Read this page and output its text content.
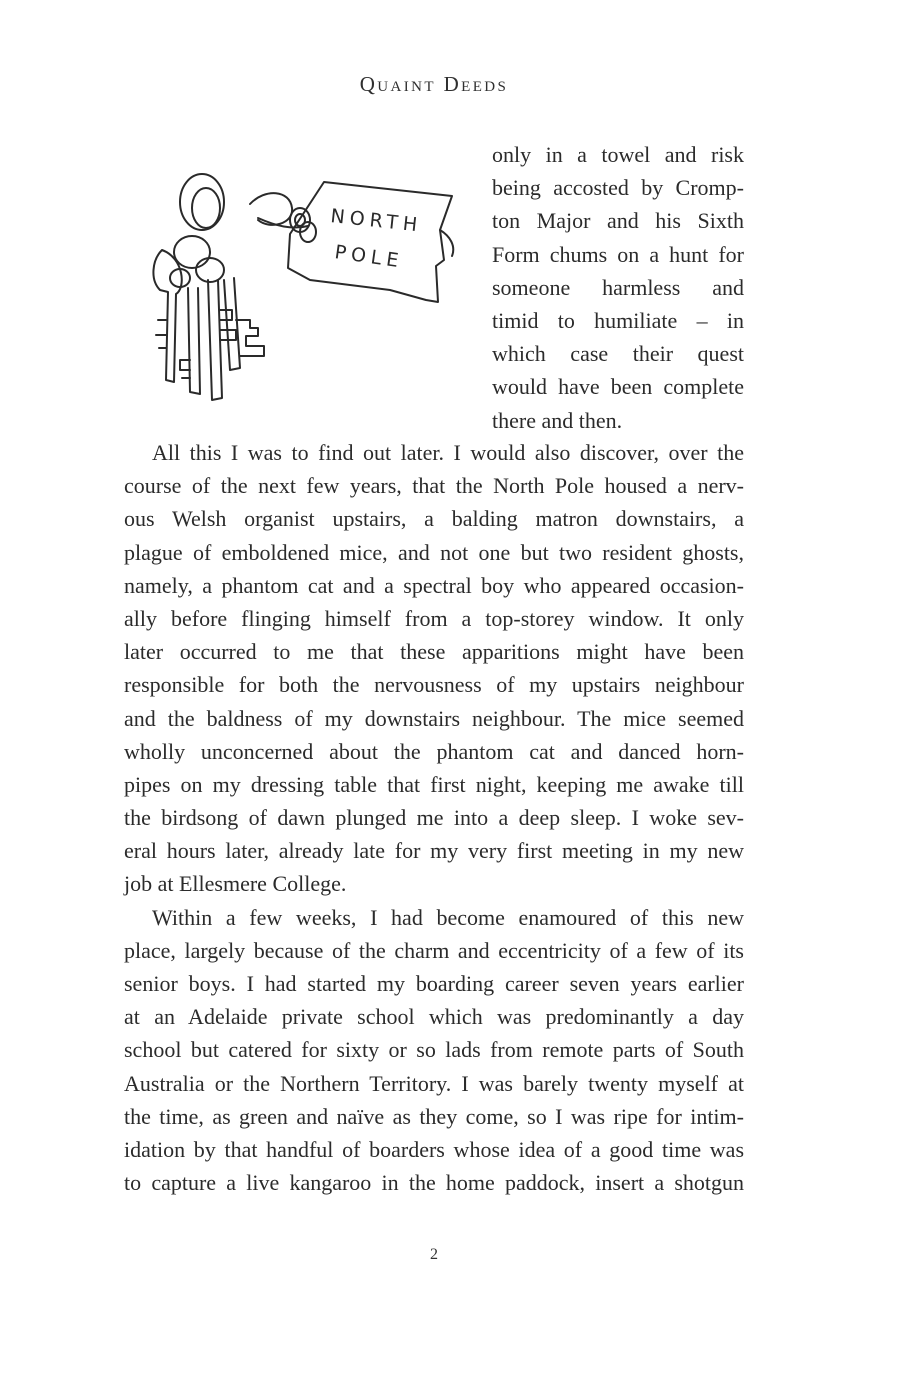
Quaint Deeds
NORTH
POLE
only in a towel and risk
being accosted by Cromp-
ton Major and his Sixth
Form chums on a hunt for
someone harmless and
timid to humiliate – in
which case their quest
would have been complete
there and then.
All this I was to find out later. I would also discover, over the
course of the next few years, that the North Pole housed a nerv-
ous Welsh organist upstairs, a balding matron downstairs, a
plague of emboldened mice, and not one but two resident ghosts,
namely, a phantom cat and a spectral boy who appeared occasion-
ally before flinging himself from a top-storey window. It only
later occurred to me that these apparitions might have been
responsible for both the nervousness of my upstairs neighbour
and the baldness of my downstairs neighbour. The mice seemed
wholly unconcerned about the phantom cat and danced horn-
pipes on my dressing table that first night, keeping me awake till
the birdsong of dawn plunged me into a deep sleep. I woke sev-
eral hours later, already late for my very first meeting in my new
job at Ellesmere College.
Within a few weeks, I had become enamoured of this new
place, largely because of the charm and eccentricity of a few of its
senior boys. I had started my boarding career seven years earlier
at an Adelaide private school which was predominantly a day
school but catered for sixty or so lads from remote parts of South
Australia or the Northern Territory. I was barely twenty myself at
the time, as green and naïve as they come, so I was ripe for intim-
idation by that handful of boarders whose idea of a good time was
to capture a live kangaroo in the home paddock, insert a shotgun
2
